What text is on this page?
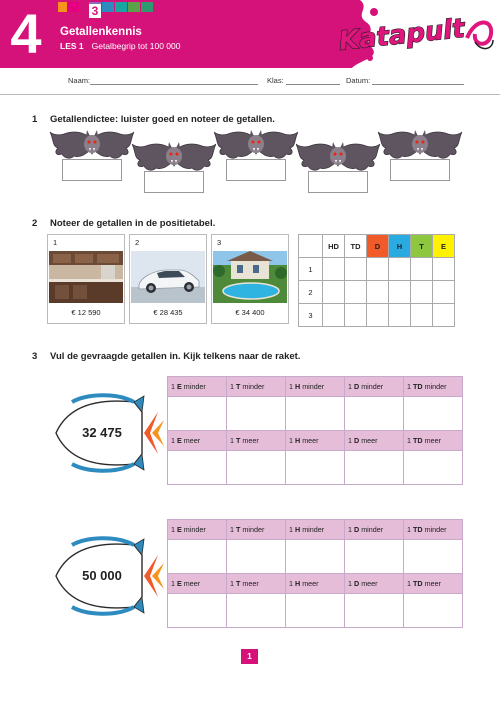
4	3
Getallenkennis
LES 1 Getalbegrip tot 100 000	Katapult
Naam:	Klas:	Datum:
1 Getallendictee: luister goed en noteer de getallen.
2 Noteer de getallen in de positietabel.
1
€ 12 590
2
€ 28 435
3
€ 34 400
	HD	TD	D	H	T	E
1						
2						
3						
3 Vul de gevraagde getallen in. Kijk telkens naar de raket.
32 475
1 E minder	1 T minder	1 H minder	1 D minder	1 TD minder

1 E meer	1 T meer	1 H meer	1 D meer	1 TD meer

50 000
1 E minder	1 T minder	1 H minder	1 D minder	1 TD minder

1 E meer	1 T meer	1 H meer	1 D meer	1 TD meer

1
